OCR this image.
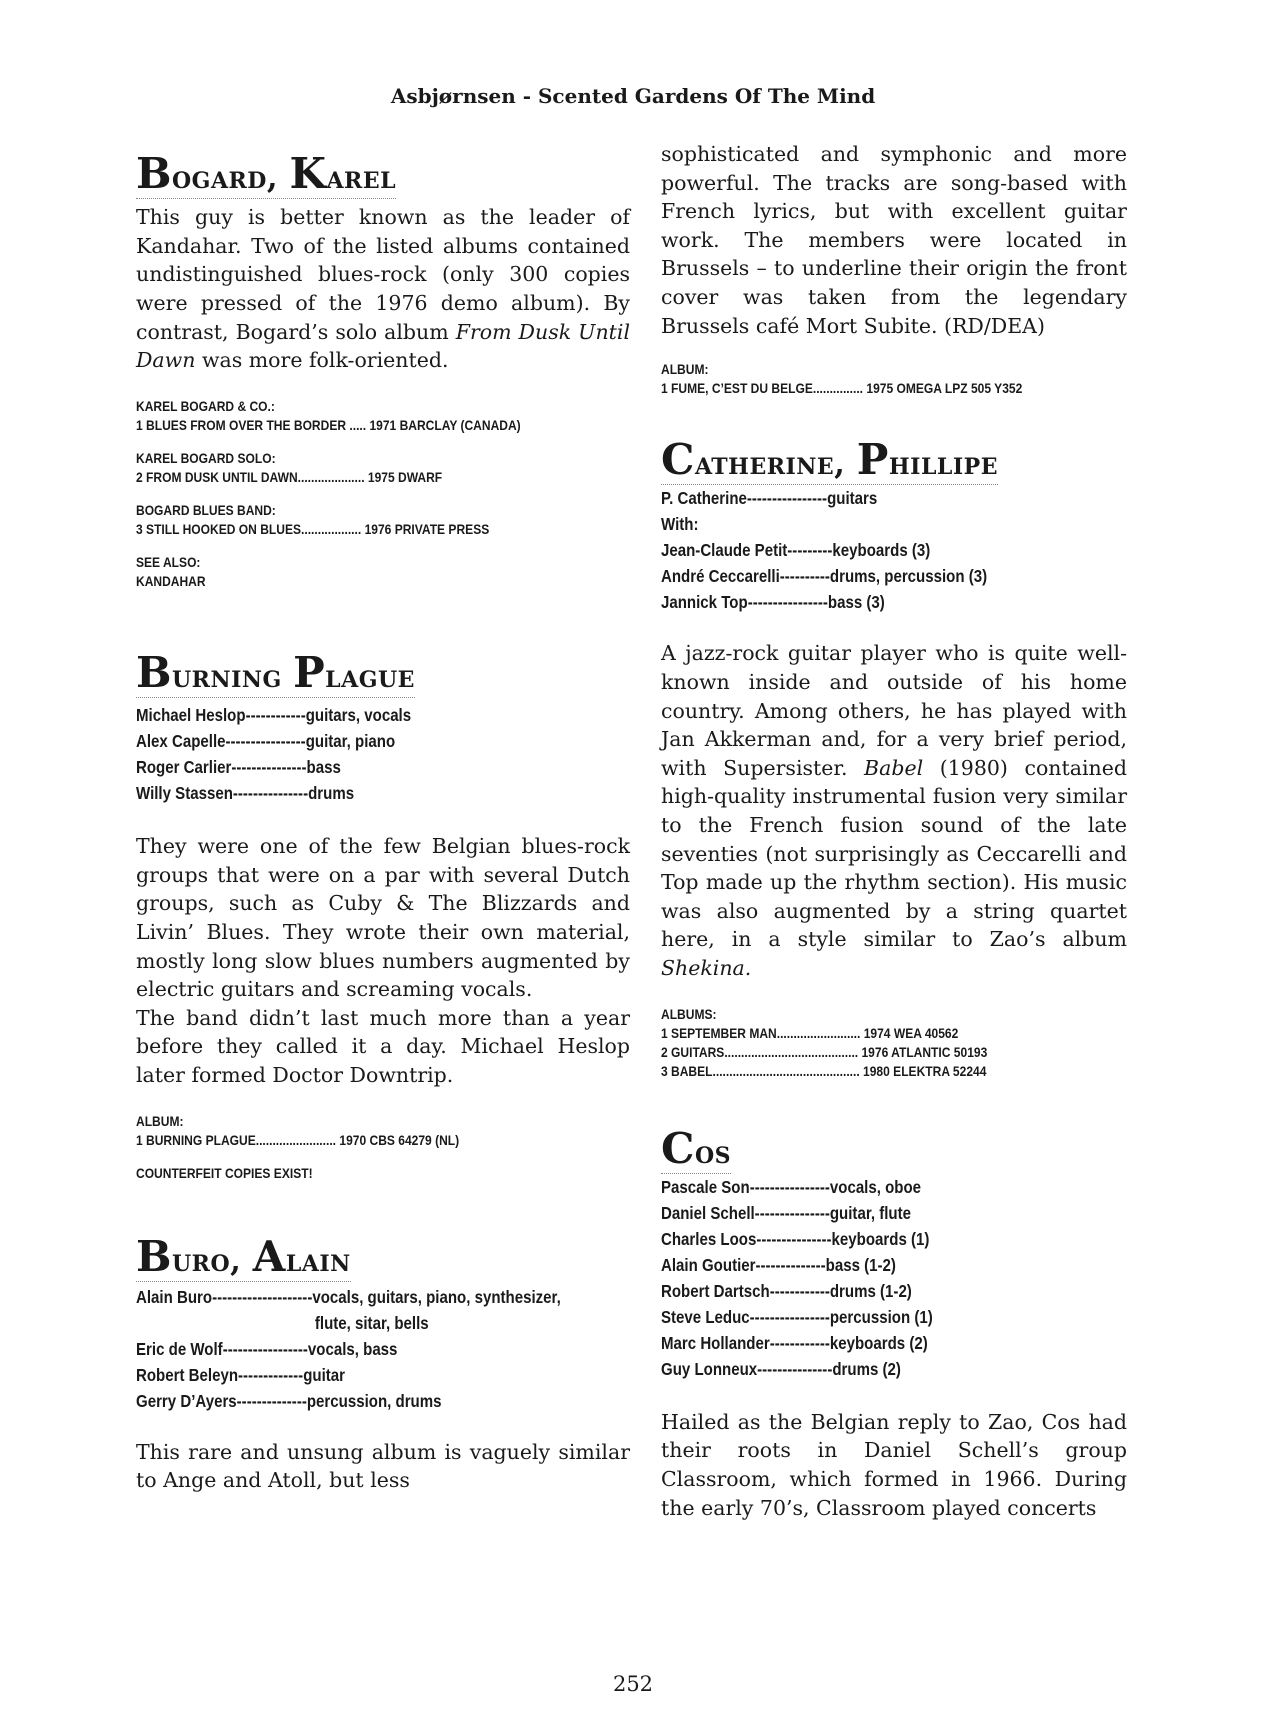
Asbjørnsen - Scented Gardens Of The Mind
Bogard, Karel

This guy is better known as the leader of Kandahar. Two of the listed albums contained undistinguished blues-rock (only 300 copies were pressed of the 1976 demo album). By contrast, Bogard’s solo album From Dusk Until Dawn was more folk-oriented.

KAREL BOGARD & CO.:
1 BLUES FROM OVER THE BORDER ..... 1971 BARCLAY (CANADA)
KAREL BOGARD SOLO:
2 FROM DUSK UNTIL DAWN.................... 1975 DWARF
BOGARD BLUES BAND:
3 STILL HOOKED ON BLUES.................. 1976 PRIVATE PRESS
SEE ALSO:
KANDAHAR
Burning Plague
Michael Heslop ------------ guitars, vocals
Alex Capelle ---------------- guitar, piano
Roger Carlier --------------- bass
Willy Stassen --------------- drums

They were one of the few Belgian blues-rock groups that were on a par with several Dutch groups, such as Cuby & The Blizzards and Livin’ Blues. They wrote their own material, mostly long slow blues numbers augmented by electric guitars and screaming vocals.

The band didn’t last much more than a year before they called it a day. Michael Heslop later formed Doctor Downtrip.

ALBUM:
1 BURNING PLAGUE........................ 1970 CBS 64279 (NL)
COUNTERFEIT COPIES EXIST!
Buro, Alain
Alain Buro -------------------- vocals, guitars, piano, synthesizer,
flute, sitar, bells
Eric de Wolf ----------------- vocals, bass
Robert Beleyn ------------- guitar
Gerry D’Ayers -------------- percussion, drums

This rare and unsung album is vaguely similar to Ange and Atoll, but less

sophisticated and symphonic and more powerful. The tracks are song-based with French lyrics, but with excellent guitar work. The members were located in Brussels – to underline their origin the front cover was taken from the legendary Brussels café Mort Subite. (RD/DEA)

ALBUM:
1 FUME, C’EST DU BELGE............... 1975 OMEGA LPZ 505 Y352
Catherine, Phillipe
P. Catherine ---------------- guitars
With:
Jean-Claude Petit --------- keyboards (3)
André Ceccarelli ---------- drums, percussion (3)
Jannick Top ---------------- bass (3)

A jazz-rock guitar player who is quite well-known inside and outside of his home country. Among others, he has played with Jan Akkerman and, for a very brief period, with Supersister. Babel (1980) contained high-quality instrumental fusion very similar to the French fusion sound of the late seventies (not surprisingly as Ceccarelli and Top made up the rhythm section). His music was also augmented by a string quartet here, in a style similar to Zao’s album Shekina.

ALBUMS:
1 SEPTEMBER MAN......................... 1974 WEA 40562
2 GUITARS........................................ 1976 ATLANTIC 50193
3 BABEL............................................ 1980 ELEKTRA 52244
Cos
Pascale Son ---------------- vocals, oboe
Daniel Schell --------------- guitar, flute
Charles Loos --------------- keyboards (1)
Alain Goutier -------------- bass (1-2)
Robert Dartsch ------------ drums (1-2)
Steve Leduc ---------------- percussion (1)
Marc Hollander ------------ keyboards (2)
Guy Lonneux --------------- drums (2)

Hailed as the Belgian reply to Zao, Cos had their roots in Daniel Schell’s group Classroom, which formed in 1966. During the early 70’s, Classroom played concerts

252
